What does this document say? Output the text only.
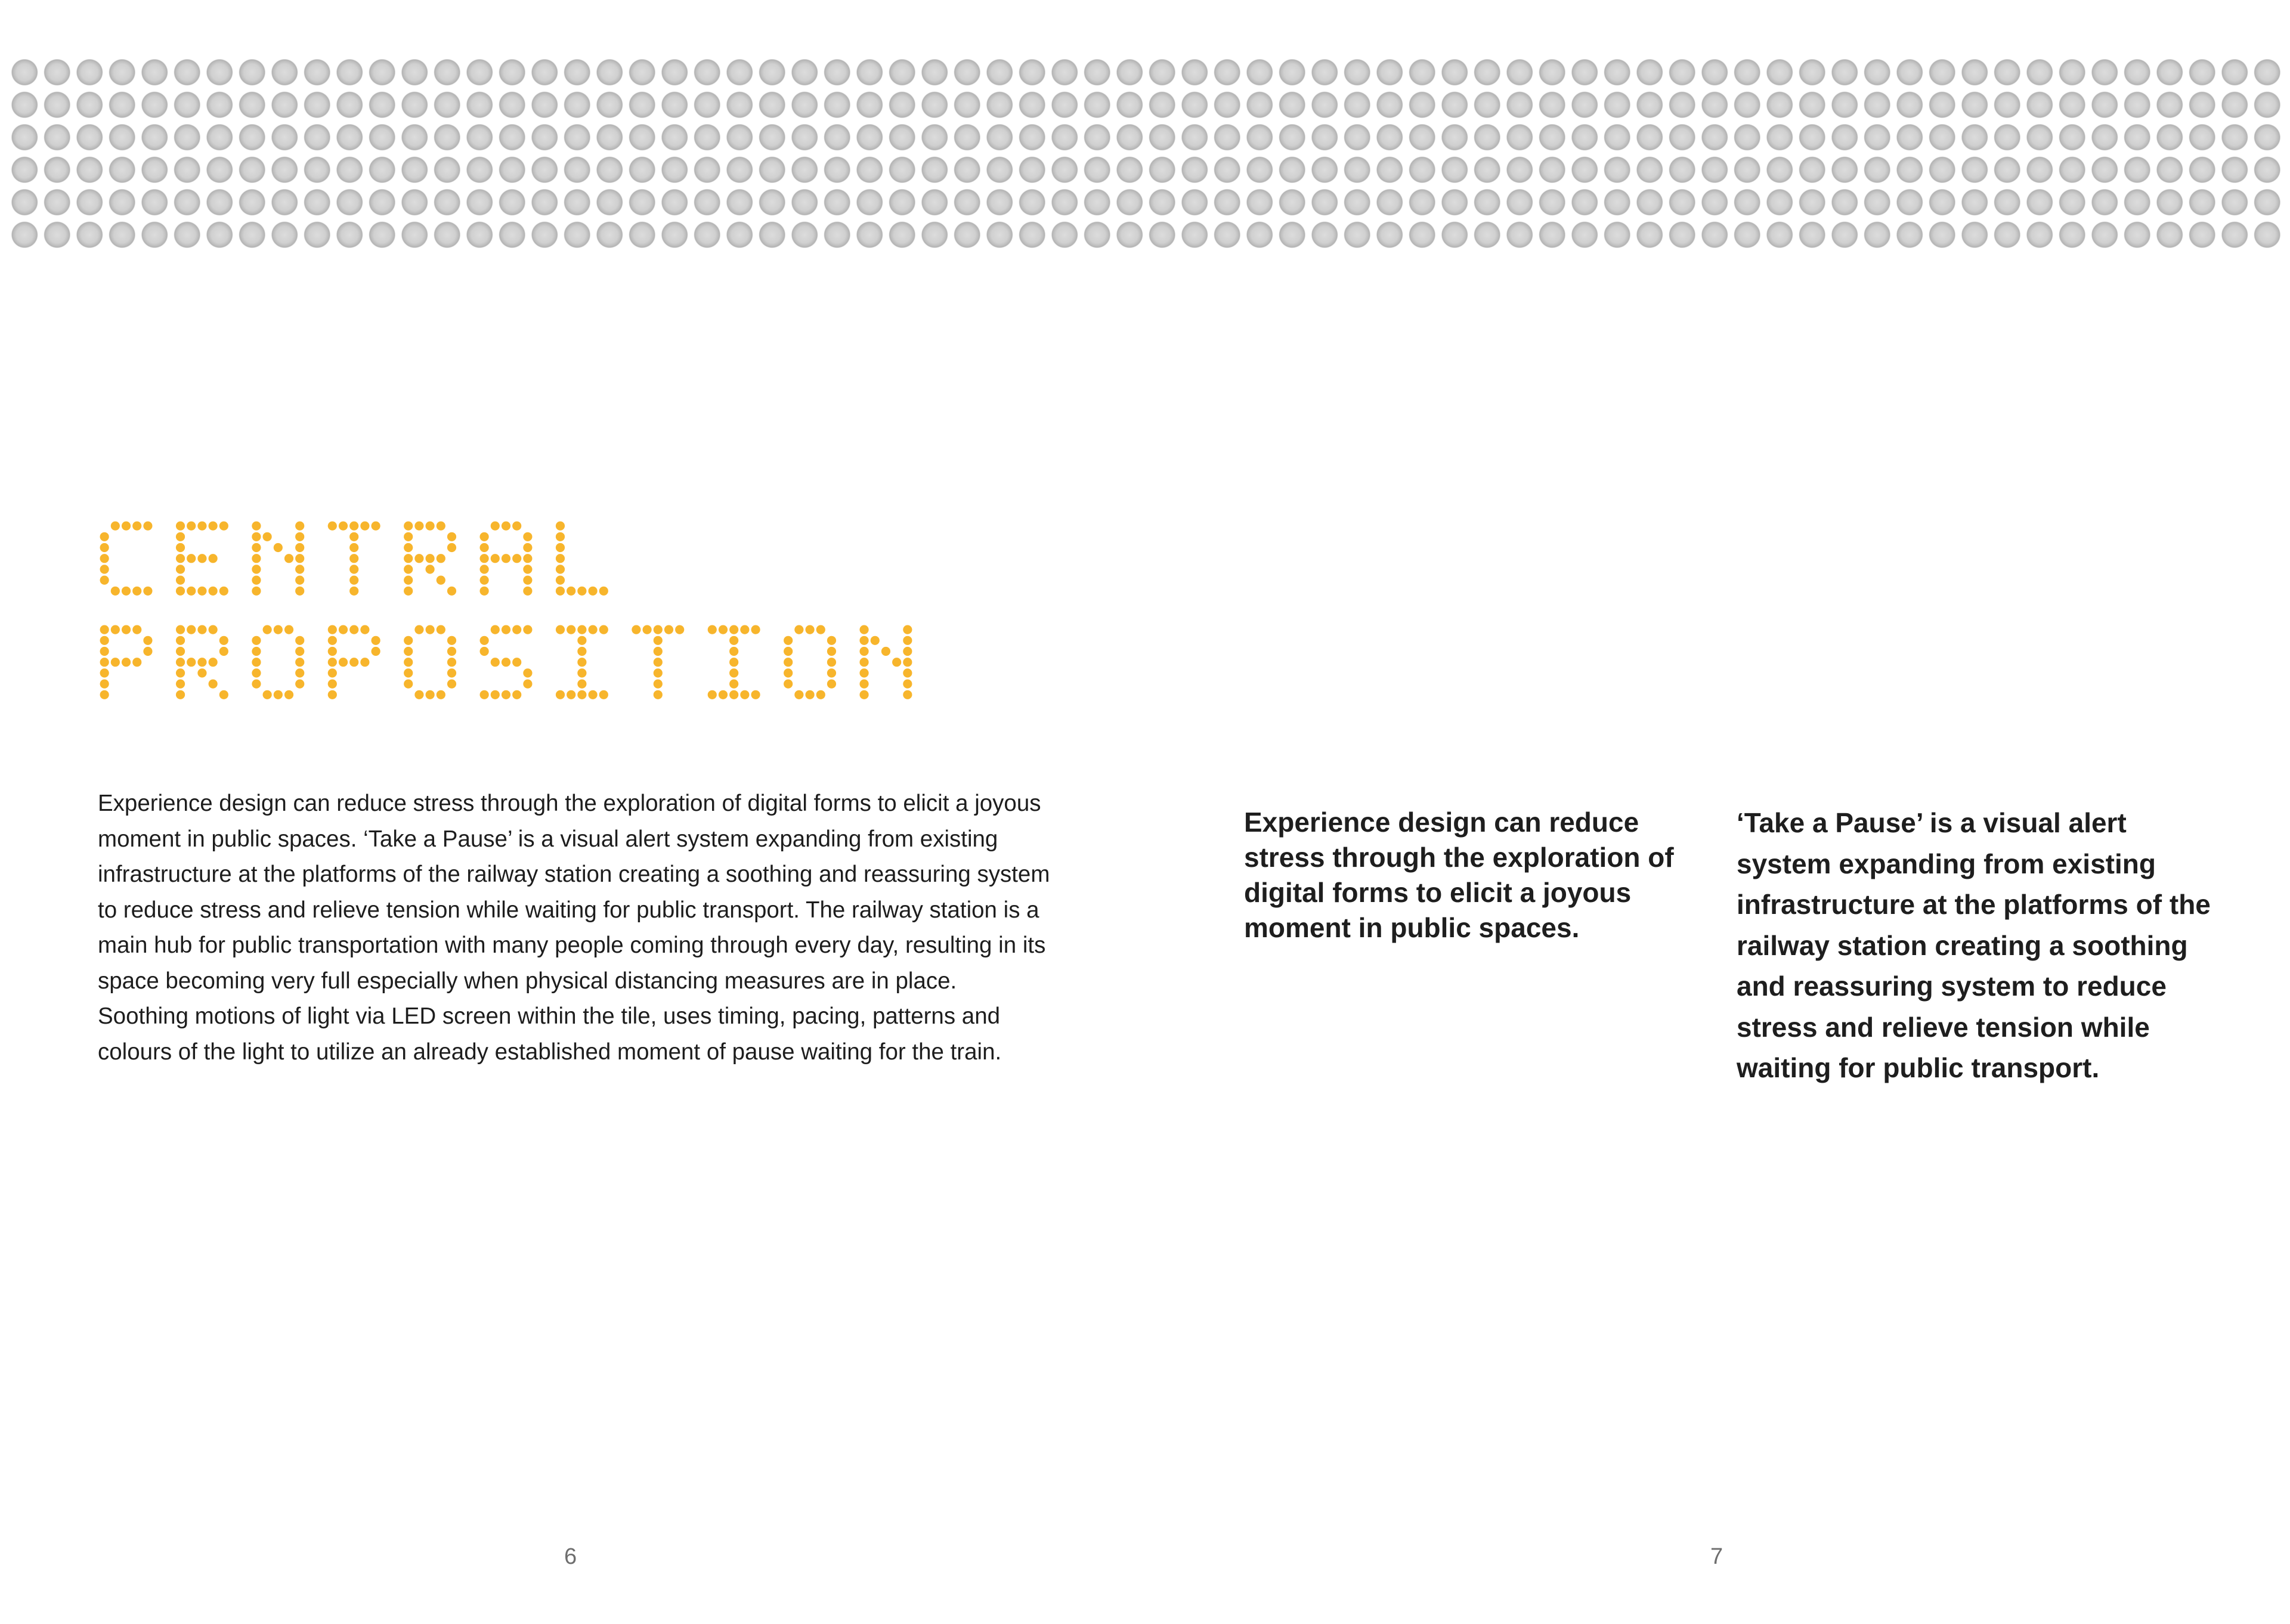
Experience design can reduce stress through the exploration of digital forms to elicit a joyous moment in public spaces. ‘Take a Pause’ is a visual alert system expanding from existing infrastructure at the platforms of the railway station creating a soothing and reassuring system to reduce stress and relieve tension while waiting for public transport. The railway station is a main hub for public transportation with many people coming through every day, resulting in its space becoming very full especially when physical distancing measures are in place. Soothing motions of light via LED screen within the tile, uses timing, pacing, patterns and colours of the light to utilize an already established moment of pause waiting for the train.

Experience design can reduce stress through the exploration of digital forms to elicit a joyous moment in public spaces.

‘Take a Pause’ is a visual alert system expanding from existing infrastructure at the platforms of the railway station creating a soothing and reassuring system to reduce stress and relieve tension while waiting for public transport.

6	7
